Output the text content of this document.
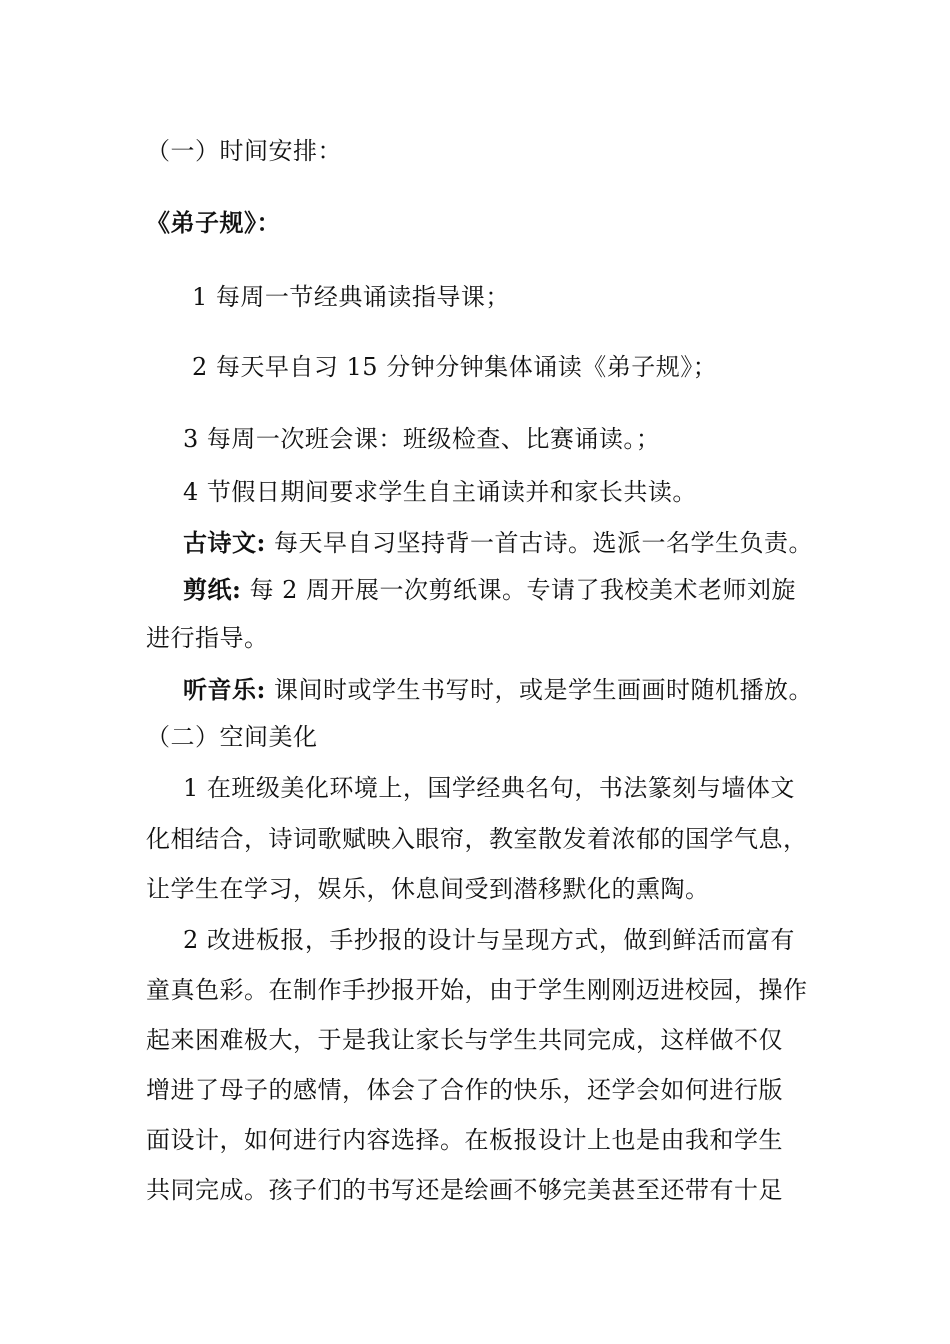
（一）时间安排：
《弟子规》：
1 每周一节经典诵读指导课；
2 每天早自习 15 分钟分钟集体诵读《弟子规》；
3 每周一次班会课：班级检查、比赛诵读。；
4 节假日期间要求学生自主诵读并和家长共读。
古诗文: 每天早自习坚持背一首古诗。选派一名学生负责。
剪纸: 每 2 周开展一次剪纸课。专请了我校美术老师刘旋
进行指导。
听音乐: 课间时或学生书写时，或是学生画画时随机播放。
（二）空间美化
1 在班级美化环境上，国学经典名句，书法篆刻与墙体文
化相结合，诗词歌赋映入眼帘，教室散发着浓郁的国学气息，
让学生在学习，娱乐，休息间受到潜移默化的熏陶。
2 改进板报，手抄报的设计与呈现方式，做到鲜活而富有
童真色彩。在制作手抄报开始，由于学生刚刚迈进校园，操作
起来困难极大，于是我让家长与学生共同完成，这样做不仅
增进了母子的感情，体会了合作的快乐，还学会如何进行版
面设计，如何进行内容选择。在板报设计上也是由我和学生
共同完成。孩子们的书写还是绘画不够完美甚至还带有十足
